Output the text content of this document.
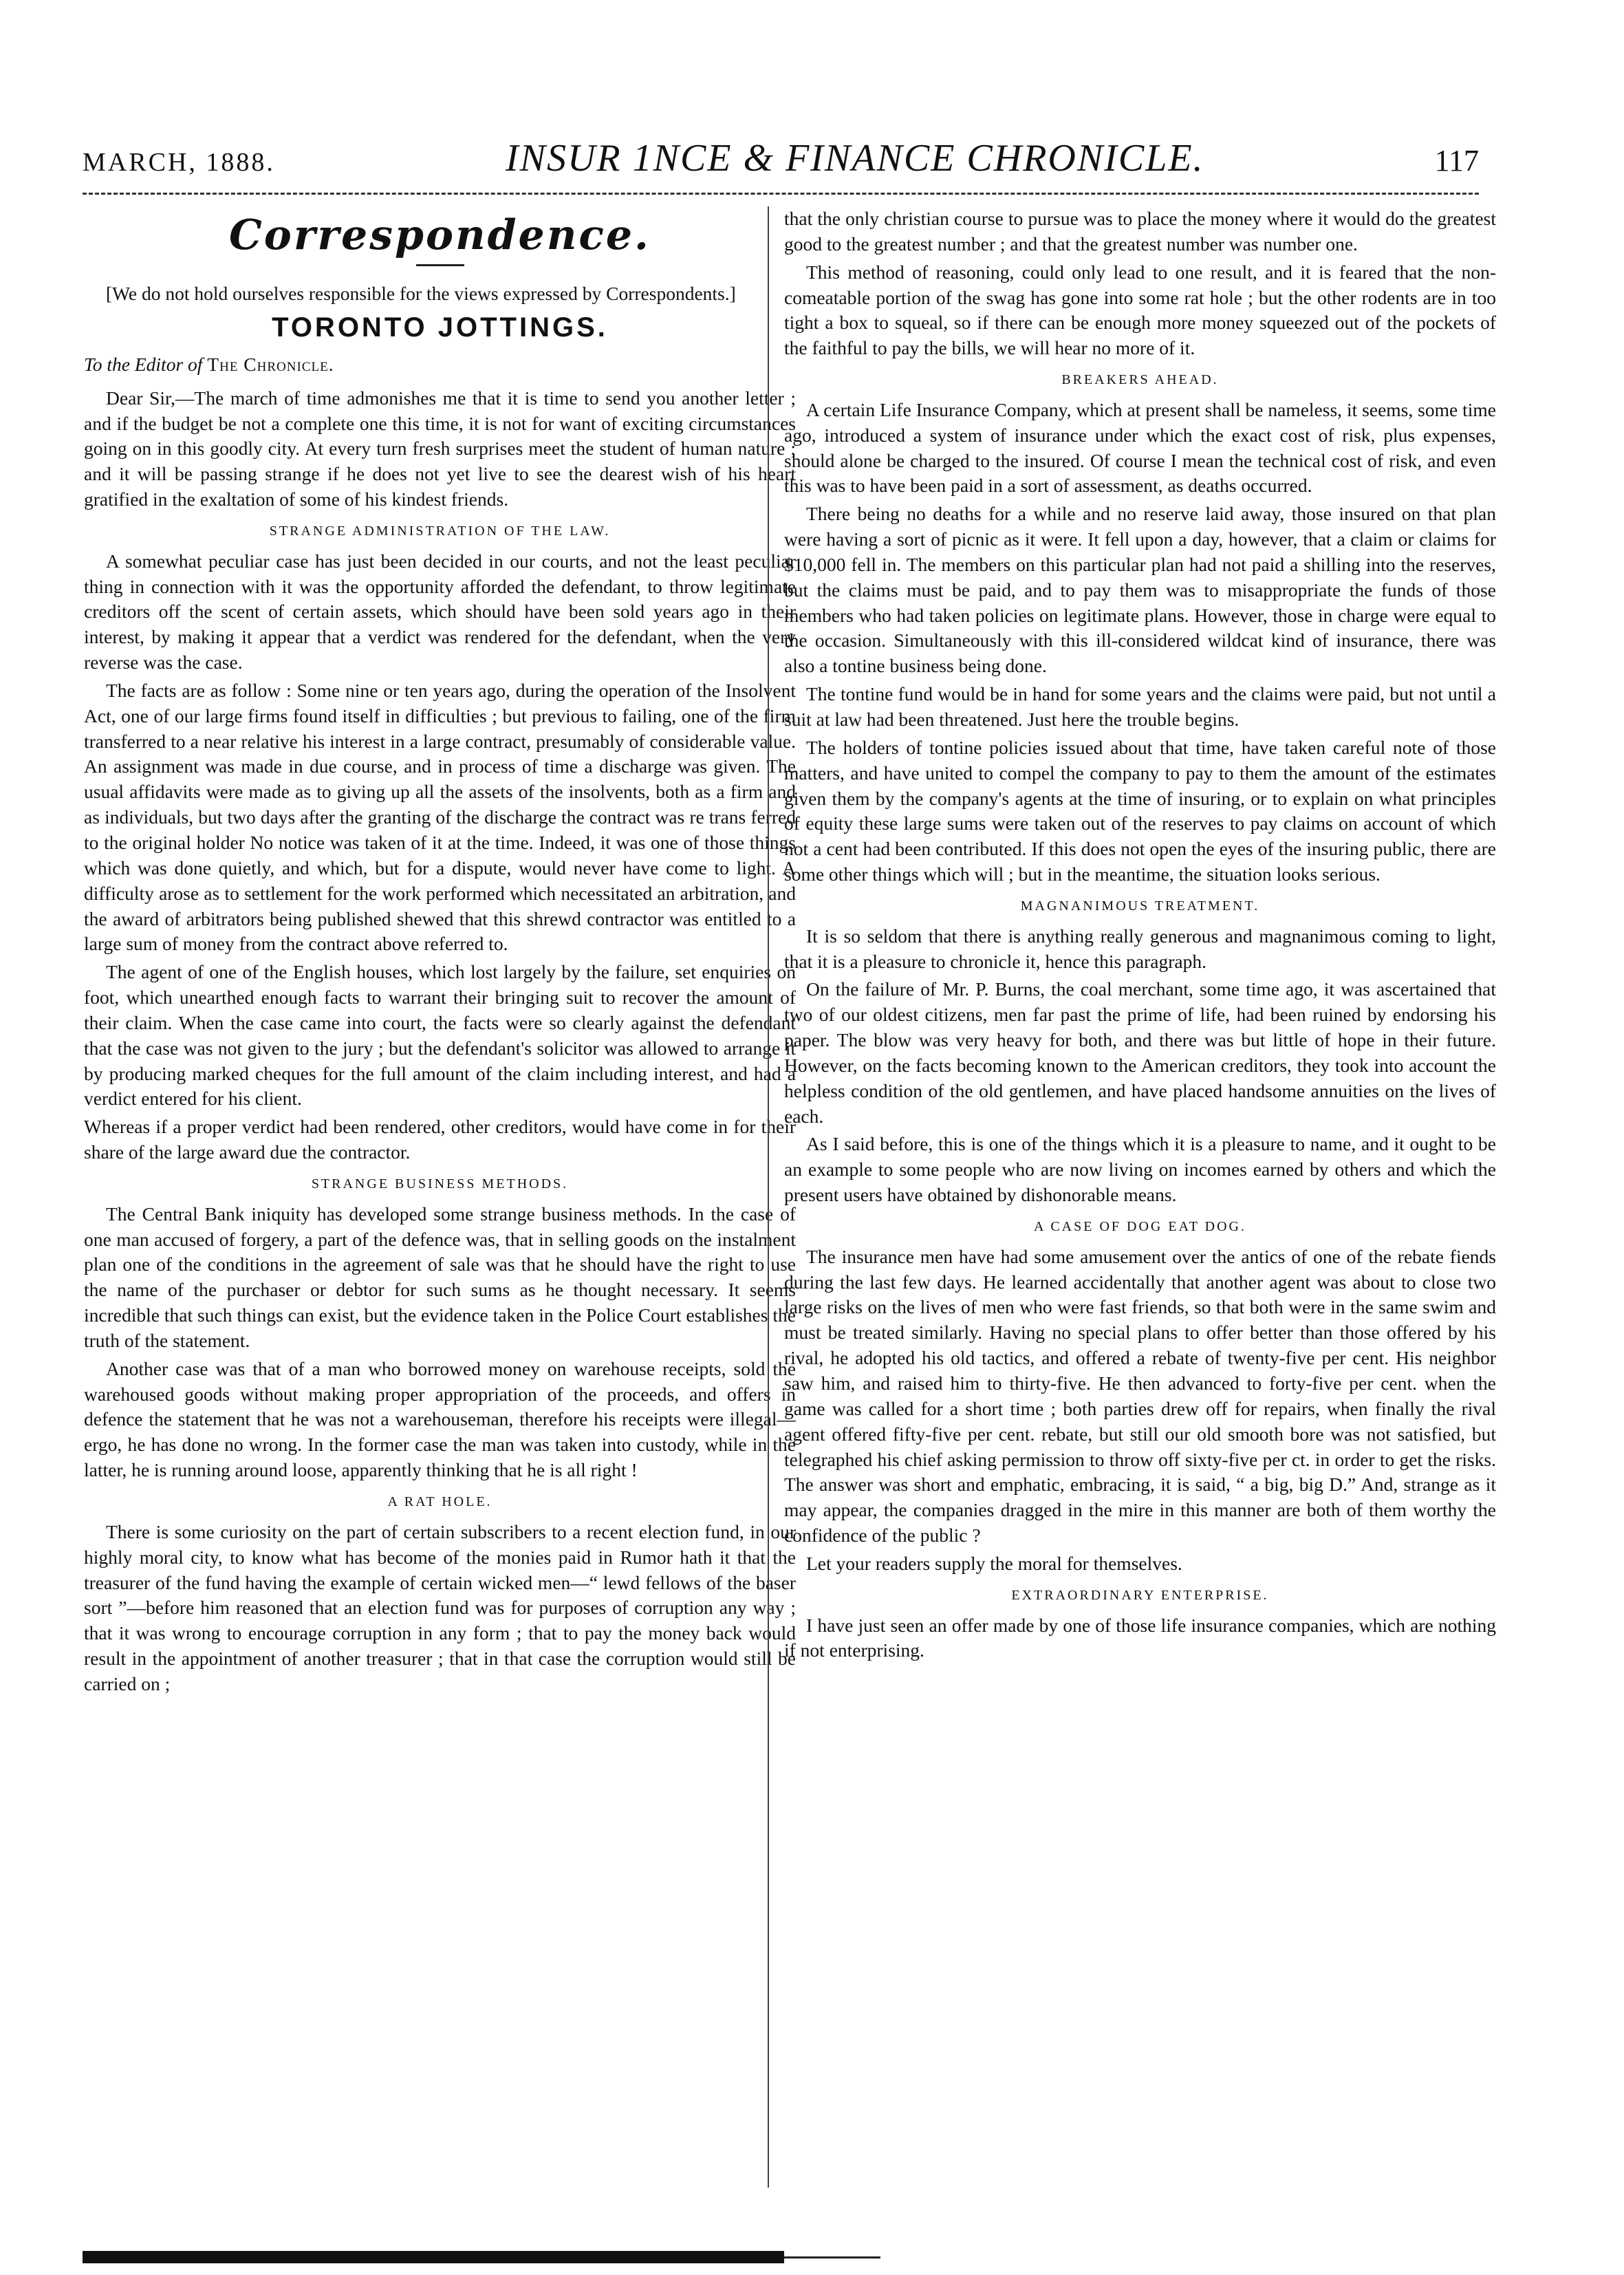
MARCH, 1888.	INSUR 1NCE & FINANCE CHRONICLE.	117
Correspondence.

[We do not hold ourselves responsible for the views expressed by Correspondents.]

TORONTO JOTTINGS.
To the Editor of The Chronicle.

Dear Sir,—The march of time admonishes me that it is time to send you another letter ; and if the budget be not a complete one this time, it is not for want of exciting circumstances going on in this goodly city. At every turn fresh surprises meet the student of human nature ; and it will be passing strange if he does not yet live to see the dearest wish of his heart gratified in the exaltation of some of his kindest friends.

STRANGE ADMINISTRATION OF THE LAW.

A somewhat peculiar case has just been decided in our courts, and not the least peculiar thing in connection with it was the opportunity afforded the defendant, to throw legitimate creditors off the scent of certain assets, which should have been sold years ago in their interest, by making it appear that a verdict was rendered for the defendant, when the very reverse was the case.

The facts are as follow : Some nine or ten years ago, during the operation of the Insolvent Act, one of our large firms found itself in difficulties ; but previous to failing, one of the firm transferred to a near relative his interest in a large contract, presumably of considerable value. An assignment was made in due course, and in process of time a discharge was given. The usual affidavits were made as to giving up all the assets of the insolvents, both as a firm and as individuals, but two days after the granting of the discharge the contract was re trans ferred to the original holder No notice was taken of it at the time. Indeed, it was one of those things which was done quietly, and which, but for a dispute, would never have come to light. A difficulty arose as to settlement for the work performed which necessitated an arbitration, and the award of arbitrators being published shewed that this shrewd contractor was entitled to a large sum of money from the contract above referred to.

The agent of one of the English houses, which lost largely by the failure, set enquiries on foot, which unearthed enough facts to warrant their bringing suit to recover the amount of their claim. When the case came into court, the facts were so clearly against the defendant that the case was not given to the jury ; but the defendant's solicitor was allowed to arrange it by producing marked cheques for the full amount of the claim including interest, and had a verdict entered for his client.

Whereas if a proper verdict had been rendered, other creditors, would have come in for their share of the large award due the contractor.

STRANGE BUSINESS METHODS.

The Central Bank iniquity has developed some strange business methods. In the case of one man accused of forgery, a part of the defence was, that in selling goods on the instalment plan one of the conditions in the agreement of sale was that he should have the right to use the name of the purchaser or debtor for such sums as he thought necessary. It seems incredible that such things can exist, but the evidence taken in the Police Court establishes the truth of the statement.

Another case was that of a man who borrowed money on warehouse receipts, sold the warehoused goods without making proper appropriation of the proceeds, and offers in defence the statement that he was not a warehouseman, therefore his receipts were illegal—ergo, he has done no wrong. In the former case the man was taken into custody, while in the latter, he is running around loose, apparently thinking that he is all right !

A RAT HOLE.

There is some curiosity on the part of certain subscribers to a recent election fund, in our highly moral city, to know what has become of the monies paid in Rumor hath it that the treasurer of the fund having the example of certain wicked men—“ lewd fellows of the baser sort ”—before him reasoned that an election fund was for purposes of corruption any way ; that it was wrong to encourage corruption in any form ; that to pay the money back would result in the appointment of another treasurer ; that in that case the corruption would still be carried on ;

that the only christian course to pursue was to place the money where it would do the greatest good to the greatest number ; and that the greatest number was number one.

This method of reasoning, could only lead to one result, and it is feared that the non-comeatable portion of the swag has gone into some rat hole ; but the other rodents are in too tight a box to squeal, so if there can be enough more money squeezed out of the pockets of the faithful to pay the bills, we will hear no more of it.

BREAKERS AHEAD.

A certain Life Insurance Company, which at present shall be nameless, it seems, some time ago, introduced a system of insurance under which the exact cost of risk, plus expenses, should alone be charged to the insured. Of course I mean the technical cost of risk, and even this was to have been paid in a sort of assessment, as deaths occurred.

There being no deaths for a while and no reserve laid away, those insured on that plan were having a sort of picnic as it were. It fell upon a day, however, that a claim or claims for $10,000 fell in. The members on this particular plan had not paid a shilling into the reserves, but the claims must be paid, and to pay them was to misappropriate the funds of those members who had taken policies on legitimate plans. However, those in charge were equal to the occasion. Simultaneously with this ill-considered wildcat kind of insurance, there was also a tontine business being done.

The tontine fund would be in hand for some years and the claims were paid, but not until a suit at law had been threatened. Just here the trouble begins.

The holders of tontine policies issued about that time, have taken careful note of those matters, and have united to compel the company to pay to them the amount of the estimates given them by the company's agents at the time of insuring, or to explain on what principles of equity these large sums were taken out of the reserves to pay claims on account of which not a cent had been contributed. If this does not open the eyes of the insuring public, there are some other things which will ; but in the meantime, the situation looks serious.

MAGNANIMOUS TREATMENT.

It is so seldom that there is anything really generous and magnanimous coming to light, that it is a pleasure to chronicle it, hence this paragraph.

On the failure of Mr. P. Burns, the coal merchant, some time ago, it was ascertained that two of our oldest citizens, men far past the prime of life, had been ruined by endorsing his paper. The blow was very heavy for both, and there was but little of hope in their future. However, on the facts becoming known to the American creditors, they took into account the helpless condition of the old gentlemen, and have placed handsome annuities on the lives of each.

As I said before, this is one of the things which it is a pleasure to name, and it ought to be an example to some people who are now living on incomes earned by others and which the present users have obtained by dishonorable means.

A CASE OF DOG EAT DOG.

The insurance men have had some amusement over the antics of one of the rebate fiends during the last few days. He learned accidentally that another agent was about to close two large risks on the lives of men who were fast friends, so that both were in the same swim and must be treated similarly. Having no special plans to offer better than those offered by his rival, he adopted his old tactics, and offered a rebate of twenty-five per cent. His neighbor saw him, and raised him to thirty-five. He then advanced to forty-five per cent. when the game was called for a short time ; both parties drew off for repairs, when finally the rival agent offered fifty-five per cent. rebate, but still our old smooth bore was not satisfied, but telegraphed his chief asking permission to throw off sixty-five per ct. in order to get the risks. The answer was short and emphatic, embracing, it is said, “ a big, big D.” And, strange as it may appear, the companies dragged in the mire in this manner are both of them worthy the confidence of the public ?

Let your readers supply the moral for themselves.

EXTRAORDINARY ENTERPRISE.

I have just seen an offer made by one of those life insurance companies, which are nothing if not enterprising.
